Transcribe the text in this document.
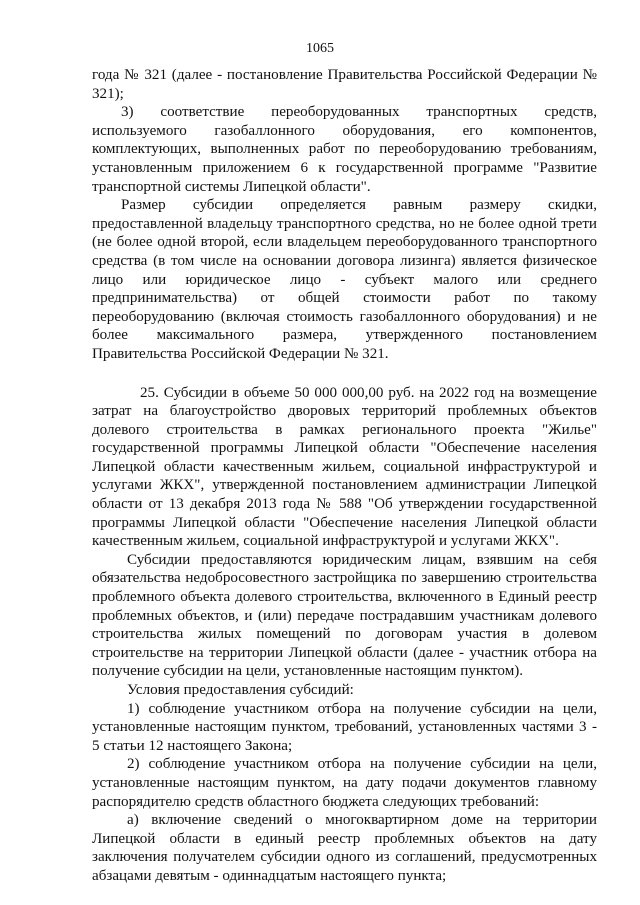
1065
года № 321 (далее - постановление Правительства Российской Федерации №
321);
3) соответствие переоборудованных транспортных средств,
используемого газобаллонного оборудования, его компонентов,
комплектующих, выполненных работ по переоборудованию требованиям,
установленным приложением 6 к государственной программе "Развитие
транспортной системы Липецкой области".
Размер субсидии определяется равным размеру скидки,
предоставленной владельцу транспортного средства, но не более одной трети
(не более одной второй, если владельцем переоборудованного транспортного
средства (в том числе на основании договора лизинга) является физическое
лицо или юридическое лицо - субъект малого или среднего
предпринимательства) от общей стоимости работ по такому
переоборудованию (включая стоимость газобаллонного оборудования) и не
более максимального размера, утвержденного постановлением
Правительства Российской Федерации № 321.
25. Субсидии в объеме 50 000 000,00 руб. на 2022 год на возмещение
затрат на благоустройство дворовых территорий проблемных объектов
долевого строительства в рамках регионального проекта "Жилье"
государственной программы Липецкой области "Обеспечение населения
Липецкой области качественным жильем, социальной инфраструктурой и
услугами ЖКХ", утвержденной постановлением администрации Липецкой
области от 13 декабря 2013 года № 588 "Об утверждении государственной
программы Липецкой области "Обеспечение населения Липецкой области
качественным жильем, социальной инфраструктурой и услугами ЖКХ".
Субсидии предоставляются юридическим лицам, взявшим на себя
обязательства недобросовестного застройщика по завершению строительства
проблемного объекта долевого строительства, включенного в Единый реестр
проблемных объектов, и (или) передаче пострадавшим участникам долевого
строительства жилых помещений по договорам участия в долевом
строительстве на территории Липецкой области (далее - участник отбора на
получение субсидии на цели, установленные настоящим пунктом).
Условия предоставления субсидий:
1) соблюдение участником отбора на получение субсидии на цели,
установленные настоящим пунктом, требований, установленных частями 3 -
5 статьи 12 настоящего Закона;
2) соблюдение участником отбора на получение субсидии на цели,
установленные настоящим пунктом, на дату подачи документов главному
распорядителю средств областного бюджета следующих требований:
а) включение сведений о многоквартирном доме на территории
Липецкой области в единый реестр проблемных объектов на дату
заключения получателем субсидии одного из соглашений, предусмотренных
абзацами девятым - одиннадцатым настоящего пункта;
